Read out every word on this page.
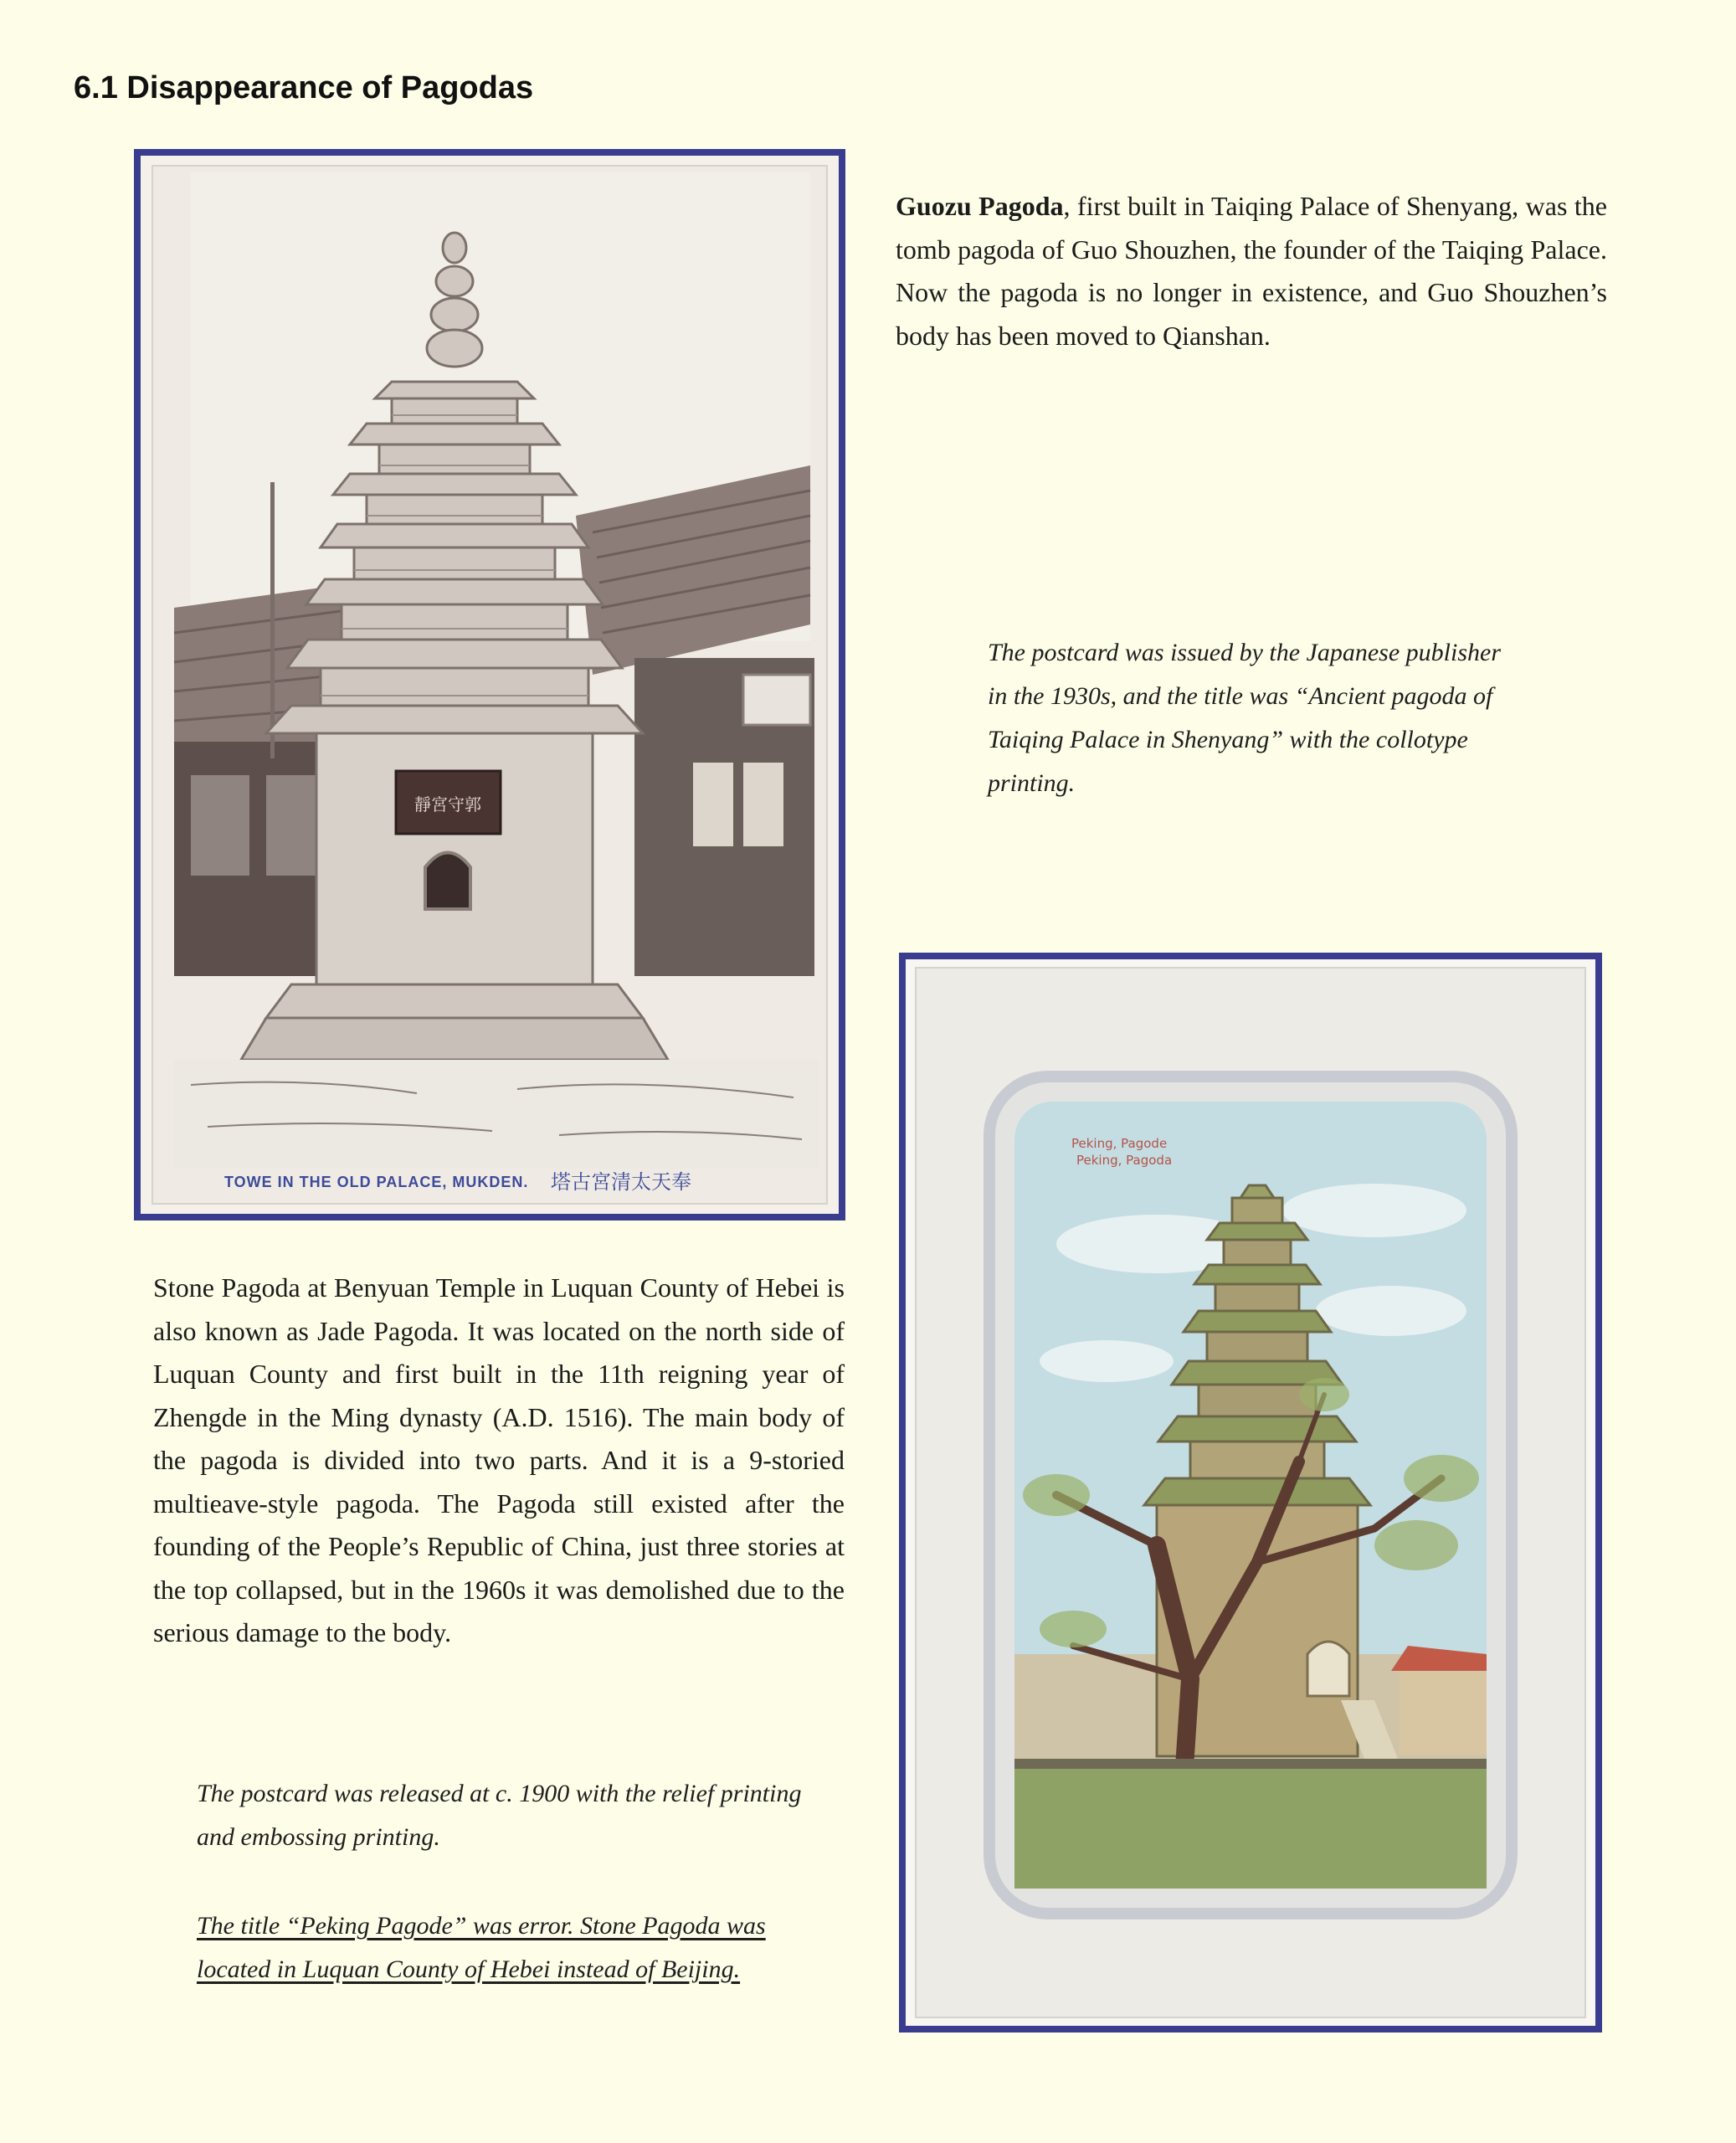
6.1 Disappearance of Pagodas
靜宮守郭
TOWE IN THE OLD PALACE, MUKDEN. 塔古宮清太天奉

Guozu Pagoda, first built in Taiqing Palace of Shenyang, was the tomb pagoda of Guo Shouzhen, the founder of the Taiqing Palace. Now the pagoda is no longer in existence, and Guo Shouzhen’s body has been moved to Qianshan.

The postcard was issued by the Japanese publisher in the 1930s, and the title was “Ancient pagoda of Taiqing Palace in Shenyang” with the collotype printing.

Peking, Pagode
Peking, Pagoda

Stone Pagoda at Benyuan Temple in Luquan County of Hebei is also known as Jade Pagoda. It was located on the north side of Luquan County and first built in the 11th reigning year of Zhengde in the Ming dynasty (A.D. 1516). The main body of the pagoda is divided into two parts. And it is a 9-storied multieave-style pagoda. The Pagoda still existed after the founding of the People’s Republic of China, just three stories at the top collapsed, but in the 1960s it was demolished due to the serious damage to the body.

The postcard was released at c. 1900 with the relief printing and embossing printing.

The title “Peking Pagode” was error. Stone Pagoda was located in Luquan County of Hebei instead of Beijing.
